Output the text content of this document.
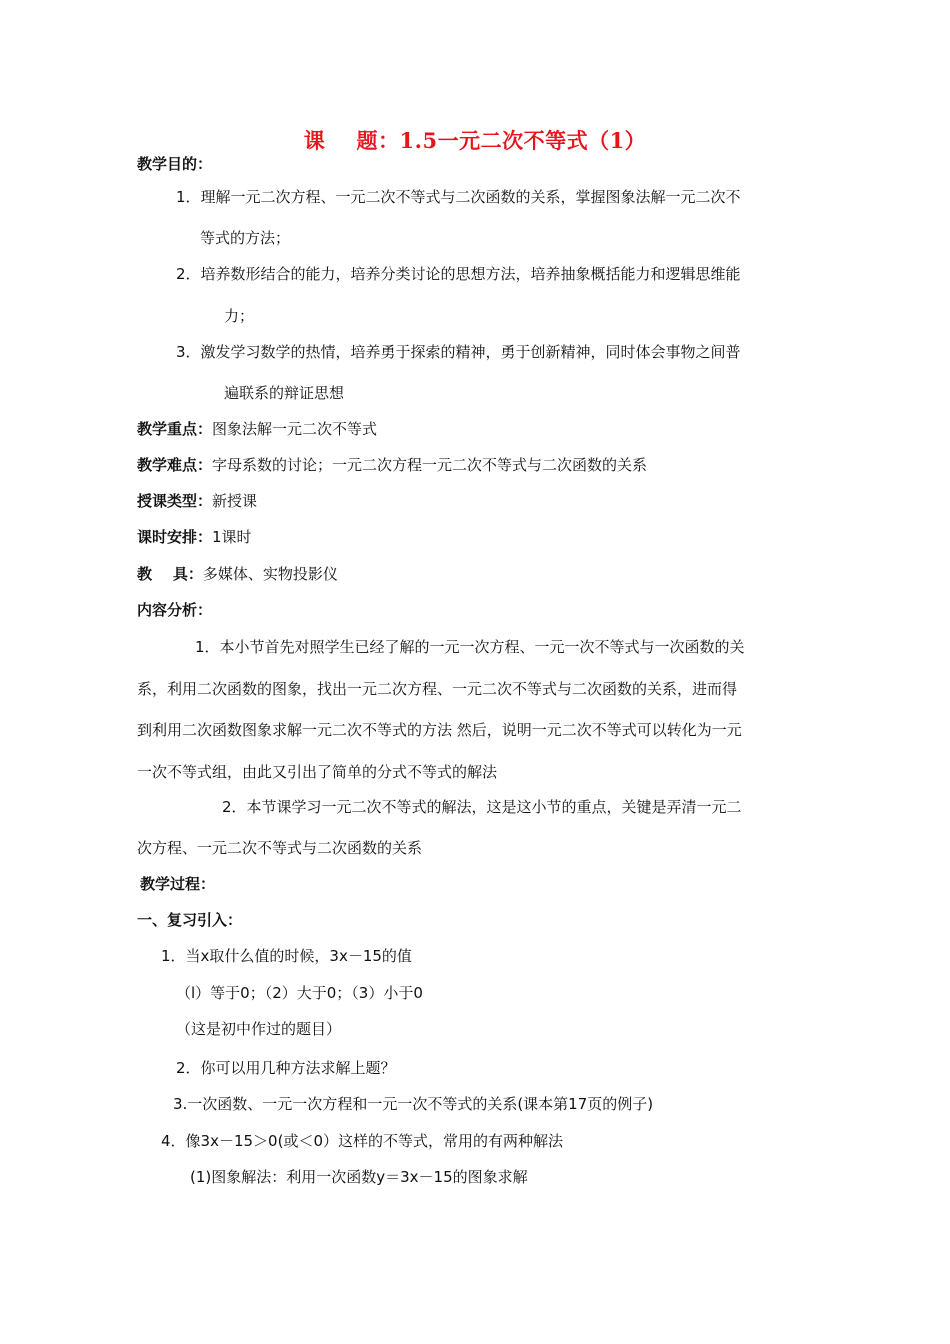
课    题：1.5一元二次不等式（1）
教学目的：
1．理解一元二次方程、一元二次不等式与二次函数的关系，掌握图象法解一元二次不
等式的方法；
2．培养数形结合的能力，培养分类讨论的思想方法，培养抽象概括能力和逻辑思维能
力；
3．激发学习数学的热情，培养勇于探索的精神，勇于创新精神，同时体会事物之间普
遍联系的辩证思想
教学重点：图象法解一元二次不等式
教学难点：字母系数的讨论；一元二次方程一元二次不等式与二次函数的关系
授课类型：新授课
课时安排：1课时
教    具：多媒体、实物投影仪
内容分析：
1．本小节首先对照学生已经了解的一元一次方程、一元一次不等式与一次函数的关
系，利用二次函数的图象，找出一元二次方程、一元二次不等式与二次函数的关系，进而得
到利用二次函数图象求解一元二次不等式的方法 然后，说明一元二次不等式可以转化为一元
一次不等式组，由此又引出了简单的分式不等式的解法
2．本节课学习一元二次不等式的解法，这是这小节的重点，关键是弄清一元二
次方程、一元二次不等式与二次函数的关系
教学过程：
一、复习引入：
1．当x取什么值的时候，3x－15的值
（l）等于0；（2）大于0；（3）小于0
（这是初中作过的题目）
2．你可以用几种方法求解上题？
3.一次函数、一元一次方程和一元一次不等式的关系(课本第17页的例子)
4．像3x－15＞0(或＜0）这样的不等式，常用的有两种解法
(1)图象解法：利用一次函数y＝3x－15的图象求解
